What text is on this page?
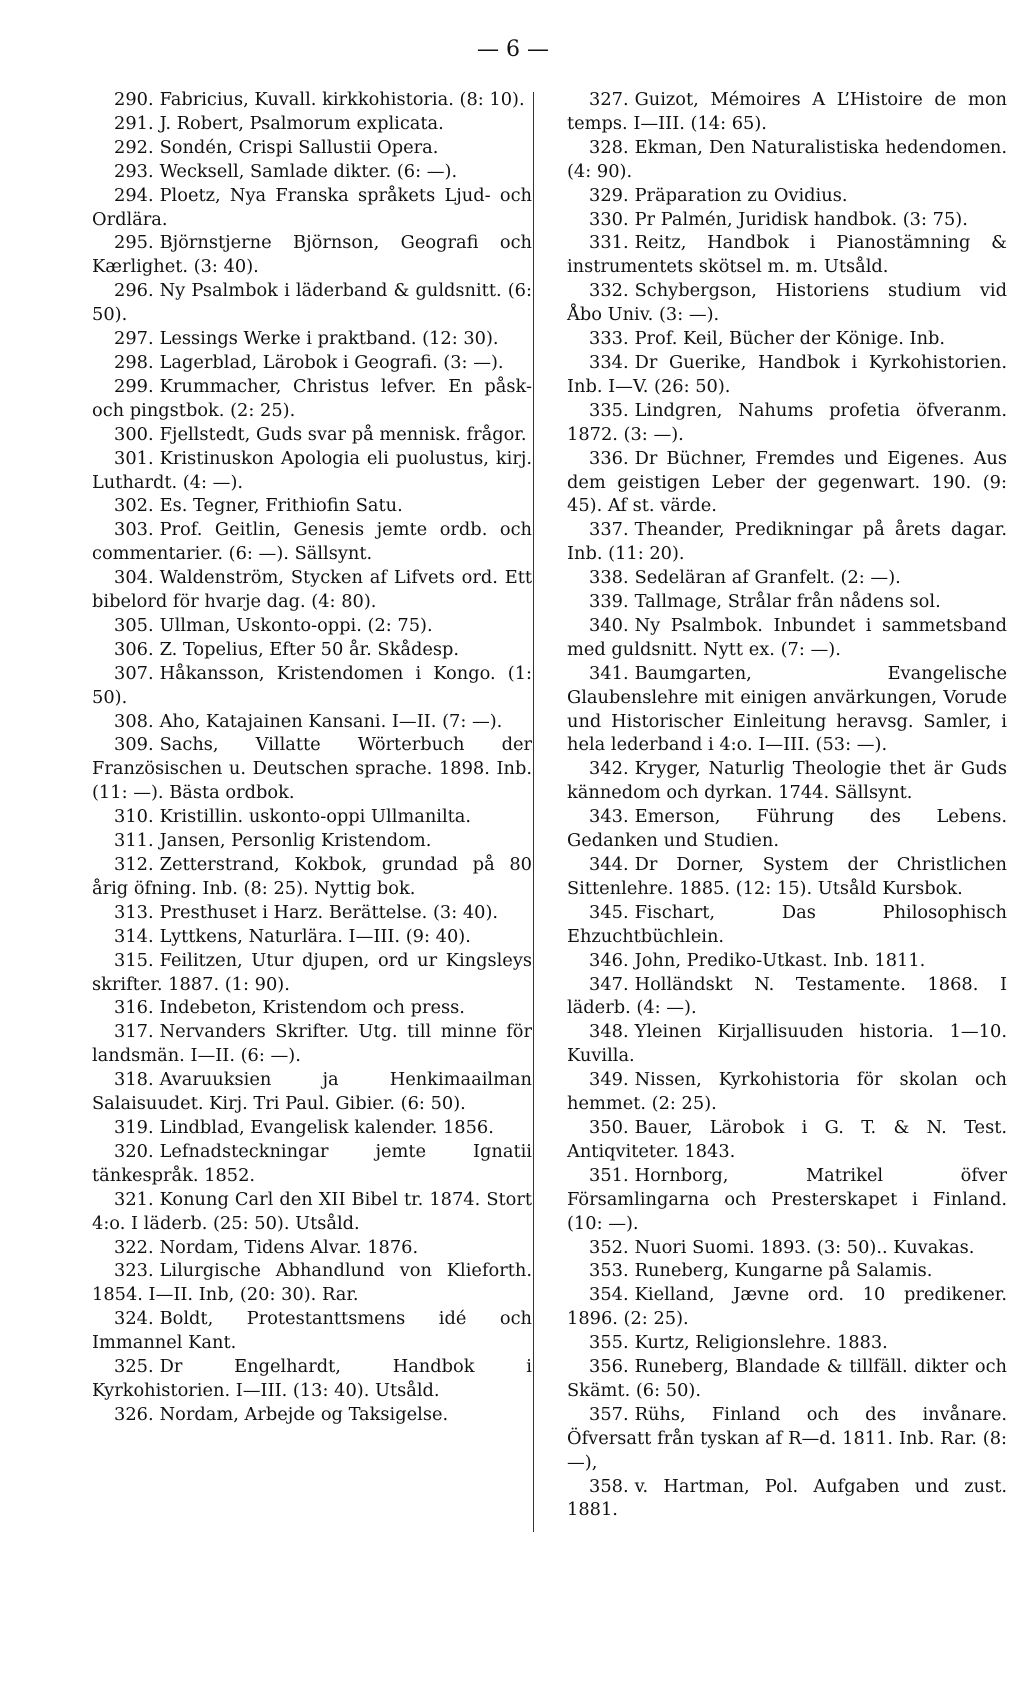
— 6 —

290. Fabricius, Kuvall. kirkkohistoria. (8: 10).

291. J. Robert, Psalmorum explicata.

292. Sondén, Crispi Sallustii Opera.

293. Wecksell, Samlade dikter. (6: —).

294. Ploetz, Nya Franska språkets Ljud- och Ordlära.

295. Björnstjerne Björnson, Geografi och Kærlighet. (3: 40).

296. Ny Psalmbok i läderband & guldsnitt. (6: 50).

297. Lessings Werke i praktband. (12: 30).

298. Lagerblad, Lärobok i Geografi. (3: —).

299. Krummacher, Christus lefver. En påsk- och pingstbok. (2: 25).

300. Fjellstedt, Guds svar på mennisk. frågor.

301. Kristinuskon Apologia eli puolustus, kirj. Luthardt. (4: —).

302. Es. Tegner, Frithiofin Satu.

303. Prof. Geitlin, Genesis jemte ordb. och commentarier. (6: —). Sällsynt.

304. Waldenström, Stycken af Lifvets ord. Ett bibelord för hvarje dag. (4: 80).

305. Ullman, Uskonto-oppi. (2: 75).

306. Z. Topelius, Efter 50 år. Skådesp.

307. Håkansson, Kristendomen i Kongo. (1: 50).

308. Aho, Katajainen Kansani. I—II. (7: —).

309. Sachs, Villatte Wörterbuch der Französischen u. Deutschen sprache. 1898. Inb. (11: —). Bästa ordbok.

310. Kristillin. uskonto-oppi Ullmanilta.

311. Jansen, Personlig Kristendom.

312. Zetterstrand, Kokbok, grundad på 80 årig öfning. Inb. (8: 25). Nyttig bok.

313. Presthuset i Harz. Berättelse. (3: 40).

314. Lyttkens, Naturlära. I—III. (9: 40).

315. Feilitzen, Utur djupen, ord ur Kingsleys skrifter. 1887. (1: 90).

316. Indebeton, Kristendom och press.

317. Nervanders Skrifter. Utg. till minne för landsmän. I—II. (6: —).

318. Avaruuksien ja Henkimaailman Salaisuudet. Kirj. Tri Paul. Gibier. (6: 50).

319. Lindblad, Evangelisk kalender. 1856.

320. Lefnadsteckningar jemte Ignatii tänkespråk. 1852.

321. Konung Carl den XII Bibel tr. 1874. Stort 4:o. I läderb. (25: 50). Utsåld.

322. Nordam, Tidens Alvar. 1876.

323. Lilurgische Abhandlund von Klieforth. 1854. I—II. Inb, (20: 30). Rar.

324. Boldt, Protestanttsmens idé och Immannel Kant.

325. Dr Engelhardt, Handbok i Kyrkohistorien. I—III. (13: 40). Utsåld.

326. Nordam, Arbejde og Taksigelse.

327. Guizot, Mémoires A L’Histoire de mon temps. I—III. (14: 65).

328. Ekman, Den Naturalistiska hedendomen. (4: 90).

329. Präparation zu Ovidius.

330. Pr Palmén, Juridisk handbok. (3: 75).

331. Reitz, Handbok i Pianostämning & instrumentets skötsel m. m. Utsåld.

332. Schybergson, Historiens studium vid Åbo Univ. (3: —).

333. Prof. Keil, Bücher der Könige. Inb.

334. Dr Guerike, Handbok i Kyrkohistorien. Inb. I—V. (26: 50).

335. Lindgren, Nahums profetia öfveranm. 1872. (3: —).

336. Dr Büchner, Fremdes und Eigenes. Aus dem geistigen Leber der gegenwart. 190. (9: 45). Af st. värde.

337. Theander, Predikningar på årets dagar. Inb. (11: 20).

338. Sedeläran af Granfelt. (2: —).

339. Tallmage, Strålar från nådens sol.

340. Ny Psalmbok. Inbundet i sammetsband med guldsnitt. Nytt ex. (7: —).

341. Baumgarten, Evangelische Glaubenslehre mit einigen anvärkungen, Vorude und Historischer Einleitung heravsg. Samler, i hela lederband i 4:o. I—III. (53: —).

342. Kryger, Naturlig Theologie thet är Guds kännedom och dyrkan. 1744. Sällsynt.

343. Emerson, Führung des Lebens. Gedanken und Studien.

344. Dr Dorner, System der Christlichen Sittenlehre. 1885. (12: 15). Utsåld Kursbok.

345. Fischart, Das Philosophisch Ehzuchtbüchlein.

346. John, Prediko-Utkast. Inb. 1811.

347. Holländskt N. Testamente. 1868. I läderb. (4: —).

348. Yleinen Kirjallisuuden historia. 1—10. Kuvilla.

349. Nissen, Kyrkohistoria för skolan och hemmet. (2: 25).

350. Bauer, Lärobok i G. T. & N. Test. Antiqviteter. 1843.

351. Hornborg, Matrikel öfver Församlingarna och Presterskapet i Finland. (10: —).

352. Nuori Suomi. 1893. (3: 50).. Kuvakas.

353. Runeberg, Kungarne på Salamis.

354. Kielland, Jævne ord. 10 predikener. 1896. (2: 25).

355. Kurtz, Religionslehre. 1883.

356. Runeberg, Blandade & tillfäll. dikter och Skämt. (6: 50).

357. Rühs, Finland och des invånare. Öfversatt från tyskan af R—d. 1811. Inb. Rar. (8: —),

358. v. Hartman, Pol. Aufgaben und zust. 1881.
